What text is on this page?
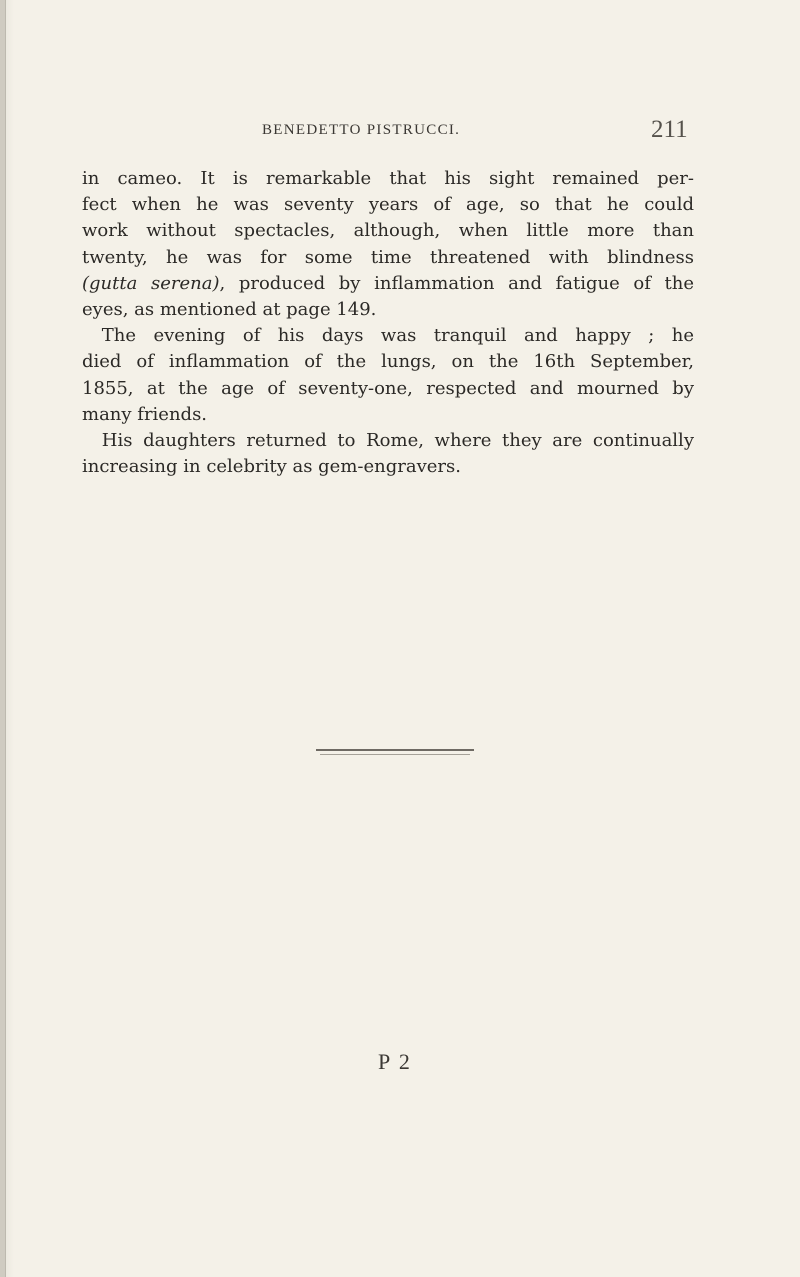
BENEDETTO PISTRUCCI.	211
in cameo. It is remarkable that his sight remained per-
fect when he was seventy years of age, so that he could
work without spectacles, although, when little more than
twenty, he was for some time threatened with blindness
(gutta serena), produced by inflammation and fatigue of the
eyes, as mentioned at page 149.
The evening of his days was tranquil and happy ; he
died of inflammation of the lungs, on the 16th September,
1855, at the age of seventy-one, respected and mourned by
many friends.
His daughters returned to Rome, where they are continually
increasing in celebrity as gem-engravers.
P 2
